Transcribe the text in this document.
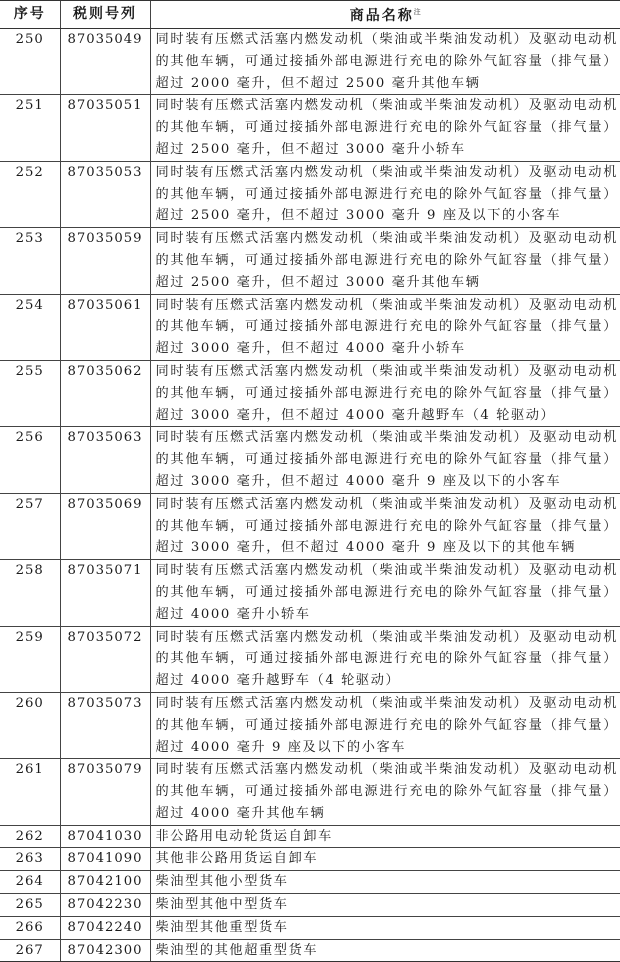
序号	税则号列	商品名称$^注$
250	87035049	同时装有压燃式活塞内燃发动机（柴油或半柴油发动机）及驱动电动机的其他车辆，可通过接插外部电源进行充电的除外气缸容量（排气量）超过 2000 毫升，但不超过 2500 毫升其他车辆
251	87035051	同时装有压燃式活塞内燃发动机（柴油或半柴油发动机）及驱动电动机的其他车辆，可通过接插外部电源进行充电的除外气缸容量（排气量）超过 2500 毫升，但不超过 3000 毫升小轿车
252	87035053	同时装有压燃式活塞内燃发动机（柴油或半柴油发动机）及驱动电动机的其他车辆，可通过接插外部电源进行充电的除外气缸容量（排气量）超过 2500 毫升，但不超过 3000 毫升 9 座及以下的小客车
253	87035059	同时装有压燃式活塞内燃发动机（柴油或半柴油发动机）及驱动电动机的其他车辆，可通过接插外部电源进行充电的除外气缸容量（排气量）超过 2500 毫升，但不超过 3000 毫升其他车辆
254	87035061	同时装有压燃式活塞内燃发动机（柴油或半柴油发动机）及驱动电动机的其他车辆，可通过接插外部电源进行充电的除外气缸容量（排气量）超过 3000 毫升，但不超过 4000 毫升小轿车
255	87035062	同时装有压燃式活塞内燃发动机（柴油或半柴油发动机）及驱动电动机的其他车辆，可通过接插外部电源进行充电的除外气缸容量（排气量）超过 3000 毫升，但不超过 4000 毫升越野车（4 轮驱动）
256	87035063	同时装有压燃式活塞内燃发动机（柴油或半柴油发动机）及驱动电动机的其他车辆，可通过接插外部电源进行充电的除外气缸容量（排气量）超过 3000 毫升，但不超过 4000 毫升 9 座及以下的小客车
257	87035069	同时装有压燃式活塞内燃发动机（柴油或半柴油发动机）及驱动电动机的其他车辆，可通过接插外部电源进行充电的除外气缸容量（排气量）超过 3000 毫升，但不超过 4000 毫升 9 座及以下的其他车辆
258	87035071	同时装有压燃式活塞内燃发动机（柴油或半柴油发动机）及驱动电动机的其他车辆，可通过接插外部电源进行充电的除外气缸容量（排气量）超过 4000 毫升小轿车
259	87035072	同时装有压燃式活塞内燃发动机（柴油或半柴油发动机）及驱动电动机的其他车辆，可通过接插外部电源进行充电的除外气缸容量（排气量）超过 4000 毫升越野车（4 轮驱动）
260	87035073	同时装有压燃式活塞内燃发动机（柴油或半柴油发动机）及驱动电动机的其他车辆，可通过接插外部电源进行充电的除外气缸容量（排气量）超过 4000 毫升 9 座及以下的小客车
261	87035079	同时装有压燃式活塞内燃发动机（柴油或半柴油发动机）及驱动电动机的其他车辆，可通过接插外部电源进行充电的除外气缸容量（排气量）超过 4000 毫升其他车辆
262	87041030	非公路用电动轮货运自卸车
263	87041090	其他非公路用货运自卸车
264	87042100	柴油型其他小型货车
265	87042230	柴油型其他中型货车
266	87042240	柴油型其他重型货车
267	87042300	柴油型的其他超重型货车
